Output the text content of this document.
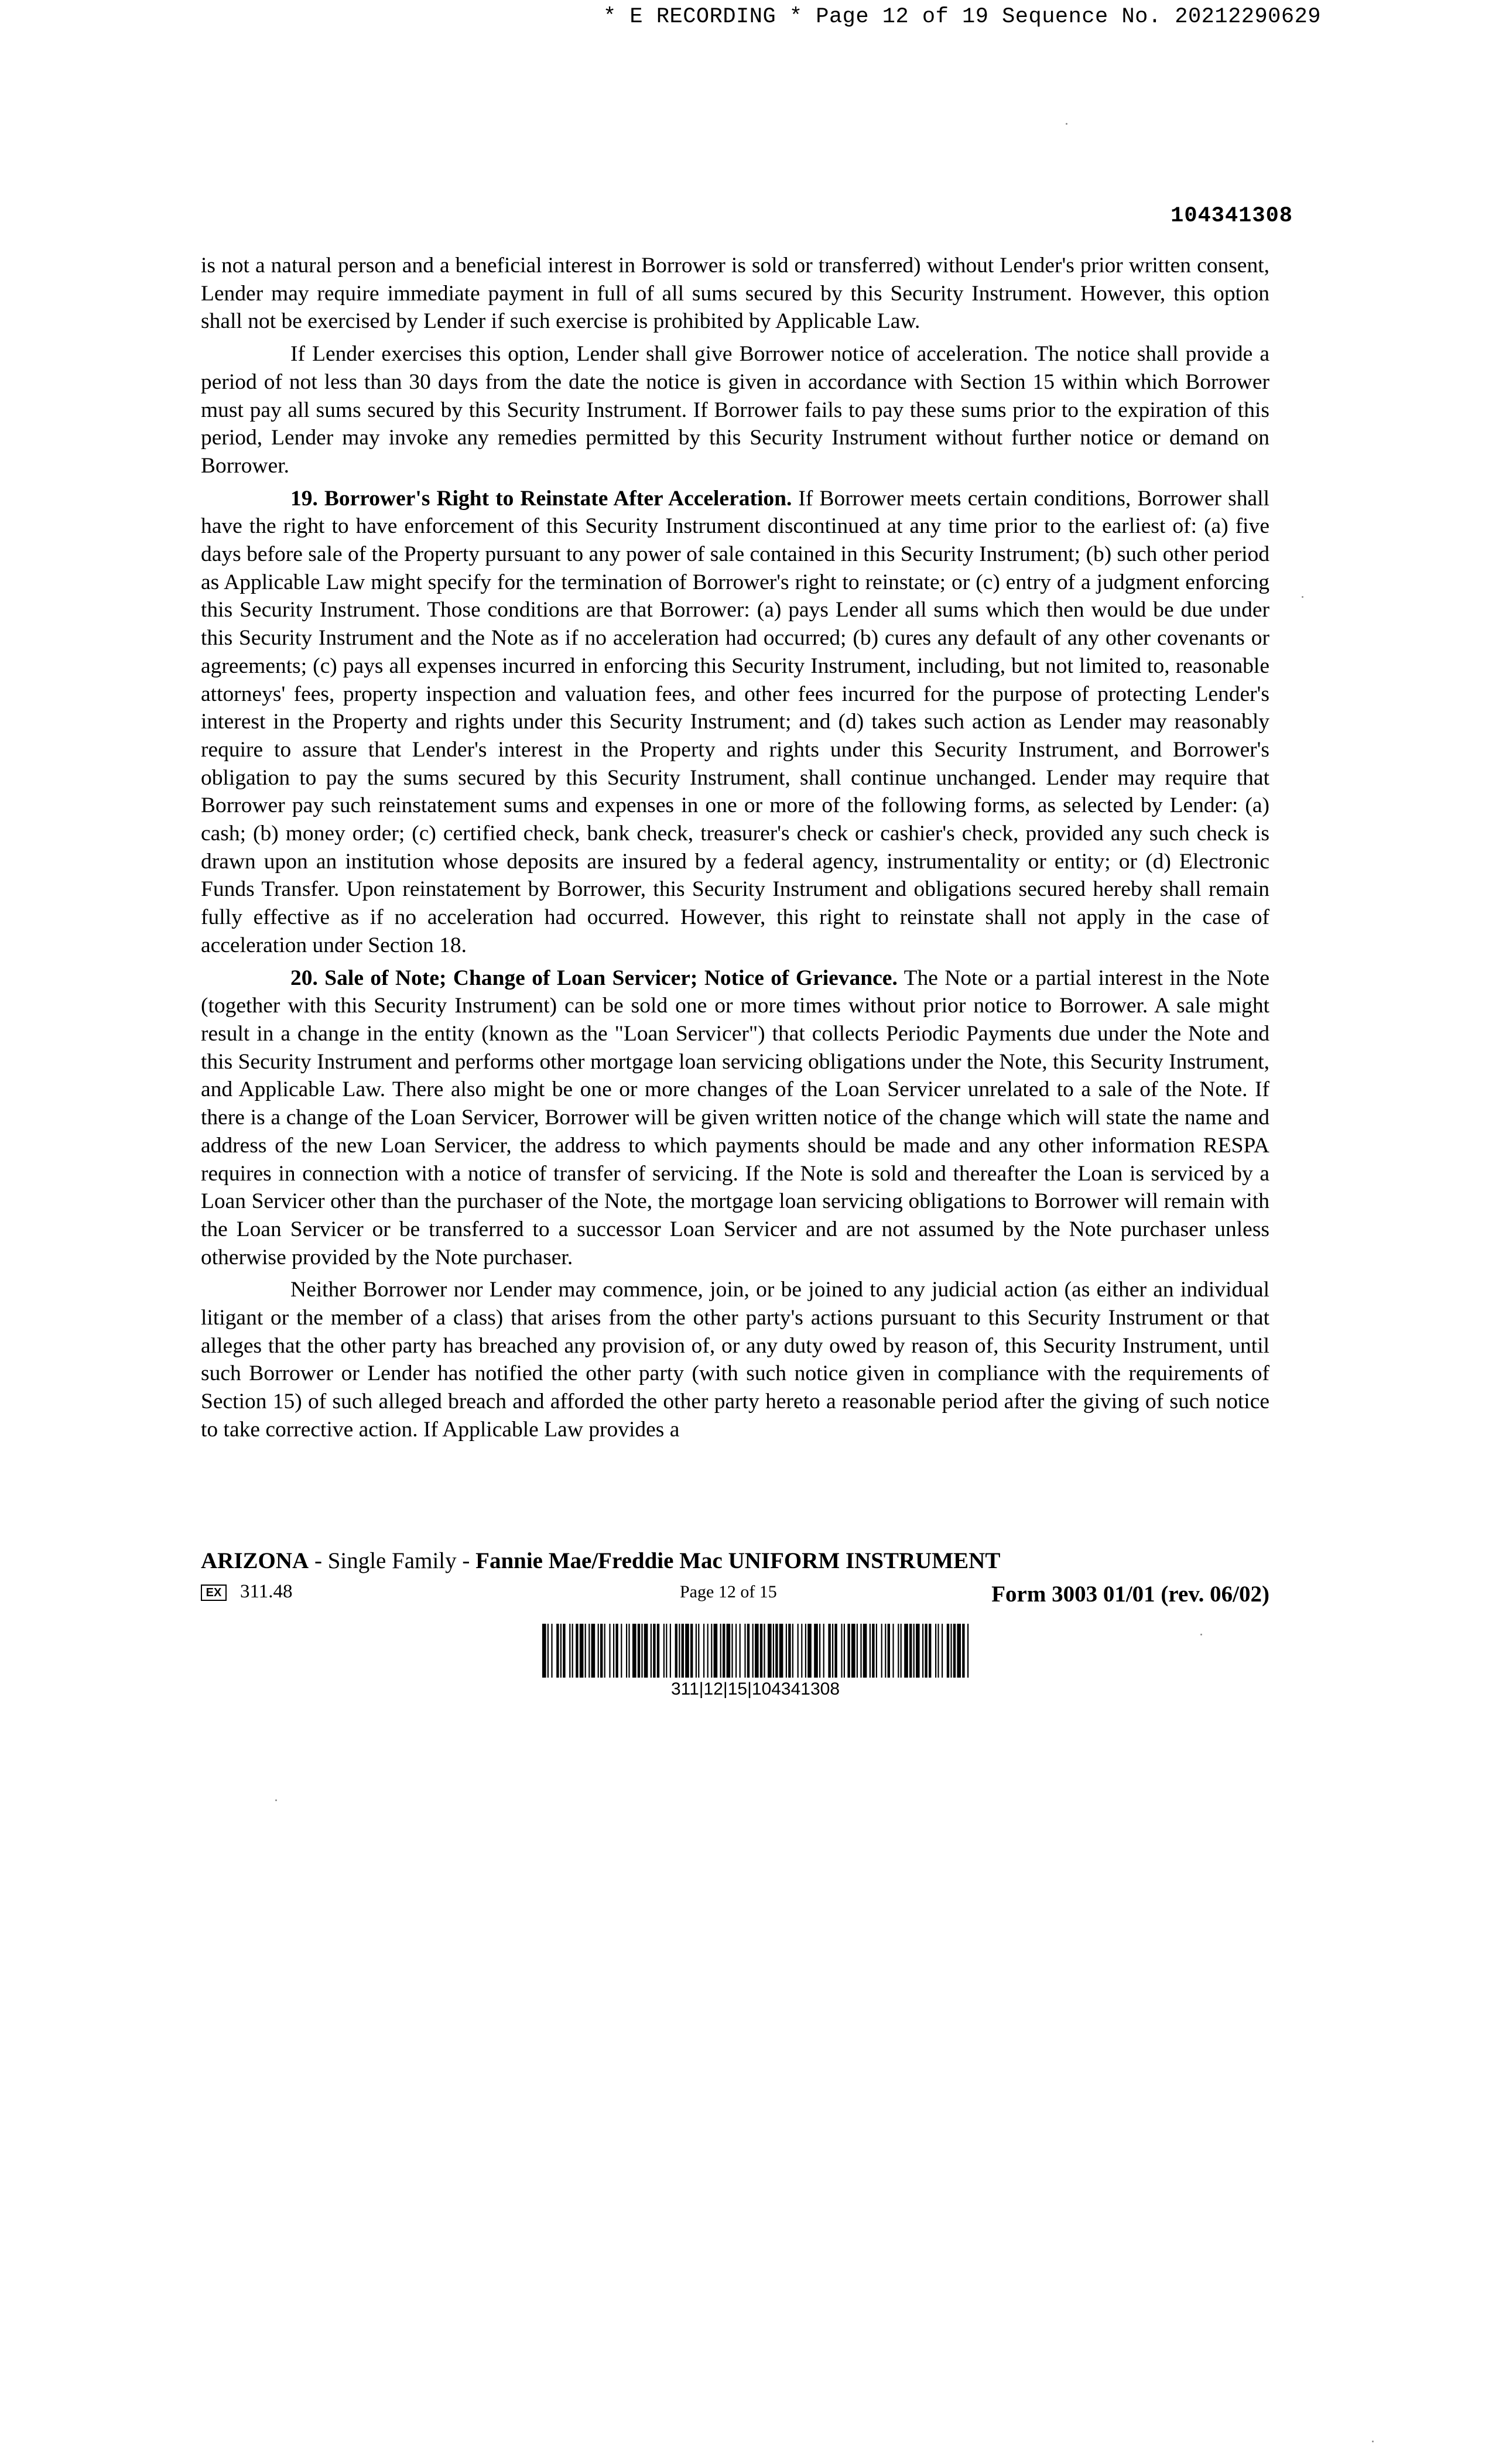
* E RECORDING * Page 12 of 19 Sequence No. 20212290629
104341308

is not a natural person and a beneficial interest in Borrower is sold or transferred) without Lender's prior written consent, Lender may require immediate payment in full of all sums secured by this Security Instrument. However, this option shall not be exercised by Lender if such exercise is prohibited by Applicable Law.

If Lender exercises this option, Lender shall give Borrower notice of acceleration. The notice shall provide a period of not less than 30 days from the date the notice is given in accordance with Section 15 within which Borrower must pay all sums secured by this Security Instrument. If Borrower fails to pay these sums prior to the expiration of this period, Lender may invoke any remedies permitted by this Security Instrument without further notice or demand on Borrower.

19. Borrower's Right to Reinstate After Acceleration. If Borrower meets certain conditions, Borrower shall have the right to have enforcement of this Security Instrument discontinued at any time prior to the earliest of: (a) five days before sale of the Property pursuant to any power of sale contained in this Security Instrument; (b) such other period as Applicable Law might specify for the termination of Borrower's right to reinstate; or (c) entry of a judgment enforcing this Security Instrument. Those conditions are that Borrower: (a) pays Lender all sums which then would be due under this Security Instrument and the Note as if no acceleration had occurred; (b) cures any default of any other covenants or agreements; (c) pays all expenses incurred in enforcing this Security Instrument, including, but not limited to, reasonable attorneys' fees, property inspection and valuation fees, and other fees incurred for the purpose of protecting Lender's interest in the Property and rights under this Security Instrument; and (d) takes such action as Lender may reasonably require to assure that Lender's interest in the Property and rights under this Security Instrument, and Borrower's obligation to pay the sums secured by this Security Instrument, shall continue unchanged. Lender may require that Borrower pay such reinstatement sums and expenses in one or more of the following forms, as selected by Lender: (a) cash; (b) money order; (c) certified check, bank check, treasurer's check or cashier's check, provided any such check is drawn upon an institution whose deposits are insured by a federal agency, instrumentality or entity; or (d) Electronic Funds Transfer. Upon reinstatement by Borrower, this Security Instrument and obligations secured hereby shall remain fully effective as if no acceleration had occurred. However, this right to reinstate shall not apply in the case of acceleration under Section 18.

20. Sale of Note; Change of Loan Servicer; Notice of Grievance. The Note or a partial interest in the Note (together with this Security Instrument) can be sold one or more times without prior notice to Borrower. A sale might result in a change in the entity (known as the "Loan Servicer") that collects Periodic Payments due under the Note and this Security Instrument and performs other mortgage loan servicing obligations under the Note, this Security Instrument, and Applicable Law. There also might be one or more changes of the Loan Servicer unrelated to a sale of the Note. If there is a change of the Loan Servicer, Borrower will be given written notice of the change which will state the name and address of the new Loan Servicer, the address to which payments should be made and any other information RESPA requires in connection with a notice of transfer of servicing. If the Note is sold and thereafter the Loan is serviced by a Loan Servicer other than the purchaser of the Note, the mortgage loan servicing obligations to Borrower will remain with the Loan Servicer or be transferred to a successor Loan Servicer and are not assumed by the Note purchaser unless otherwise provided by the Note purchaser.

Neither Borrower nor Lender may commence, join, or be joined to any judicial action (as either an individual litigant or the member of a class) that arises from the other party's actions pursuant to this Security Instrument or that alleges that the other party has breached any provision of, or any duty owed by reason of, this Security Instrument, until such Borrower or Lender has notified the other party (with such notice given in compliance with the requirements of Section 15) of such alleged breach and afforded the other party hereto a reasonable period after the giving of such notice to take corrective action. If Applicable Law provides a

ARIZONA - Single Family - Fannie Mae/Freddie Mac UNIFORM INSTRUMENT
EX 311.48	Page 12 of 15	Form 3003 01/01 (rev. 06/02)
311|12|15|104341308
